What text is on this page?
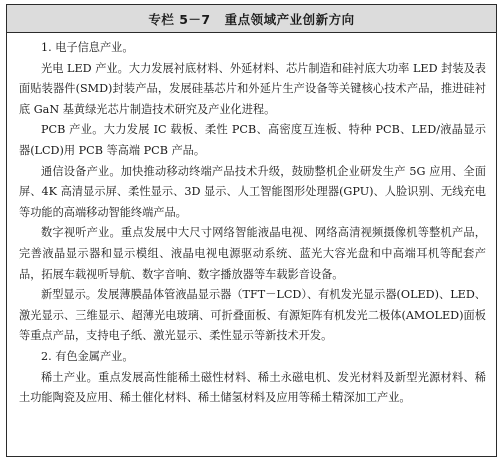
专栏 5－7 重点领域产业创新方向
1. 电子信息产业。
光电 LED 产业。大力发展衬底材料、外延材料、芯片制造和硅衬底大功率 LED 封装及表面贴装器件(SMD)封装产品，发展硅基芯片和外延片生产设备等关键核心技术产品，推进硅衬底 GaN 基黄绿光芯片制造技术研究及产业化进程。
PCB 产业。大力发展 IC 载板、柔性 PCB、高密度互连板、特种 PCB、LED/液晶显示器(LCD)用 PCB 等高端 PCB 产品。
通信设备产业。加快推动移动终端产品技术升级，鼓励整机企业研发生产 5G 应用、全面屏、4K 高清显示屏、柔性显示、3D 显示、人工智能图形处理器(GPU)、人脸识别、无线充电等功能的高端移动智能终端产品。
数字视听产业。重点发展中大尺寸网络智能液晶电视、网络高清视频摄像机等整机产品，完善液晶显示器和显示模组、液晶电视电源驱动系统、蓝光大容光盘和中高端耳机等配套产品，拓展车载视听导航、数字音响、数字播放器等车载影音设备。
新型显示。发展薄膜晶体管液晶显示器（TFT－LCD）、有机发光显示器(OLED)、LED、激光显示、三维显示、超薄光电玻璃、可折叠面板、有源矩阵有机发光二极体(AMOLED)面板等重点产品，支持电子纸、激光显示、柔性显示等新技术开发。
2. 有色金属产业。
稀土产业。重点发展高性能稀土磁性材料、稀土永磁电机、发光材料及新型光源材料、稀土功能陶瓷及应用、稀土催化材料、稀土储氢材料及应用等稀土精深加工产业。
